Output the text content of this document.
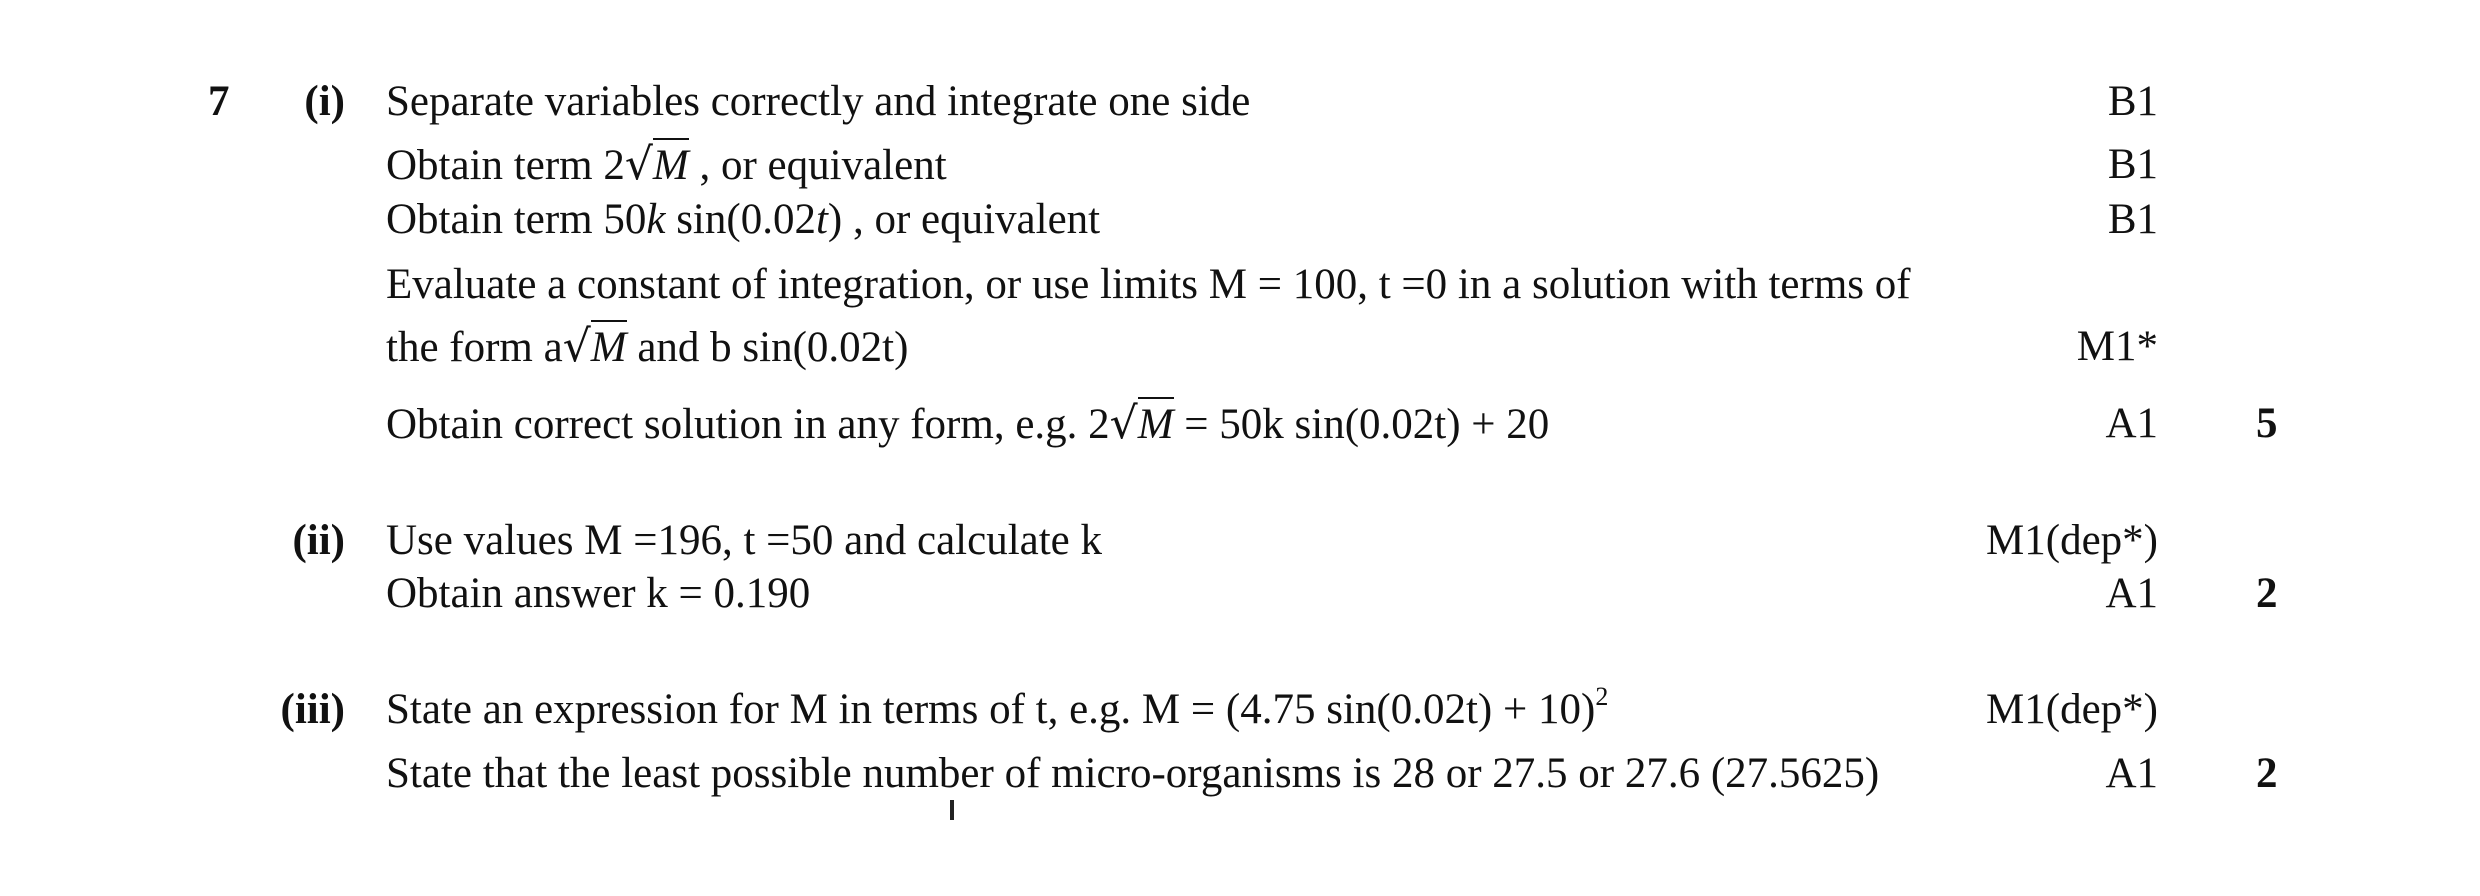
7	(i) Separate variables correctly and integrate one side	B1
Obtain term 2√M , or equivalent	B1
Obtain term 50k sin(0.02t) , or equivalent	B1
Evaluate a constant of integration, or use limits M = 100, t =0 in a solution with terms of
the form a√M and b sin(0.02t)	M1*
Obtain correct solution in any form, e.g. 2√M = 50k sin(0.02t) + 20	A1 5
(ii) Use values M =196, t =50 and calculate k	M1(dep*)
Obtain answer k = 0.190	A1 2
(iii) State an expression for M in terms of t, e.g. M = (4.75 sin(0.02t) + 10)$^2$	M1(dep*)
State that the least possible number of micro-organisms is 28 or 27.5 or 27.6 (27.5625)	A1 2
